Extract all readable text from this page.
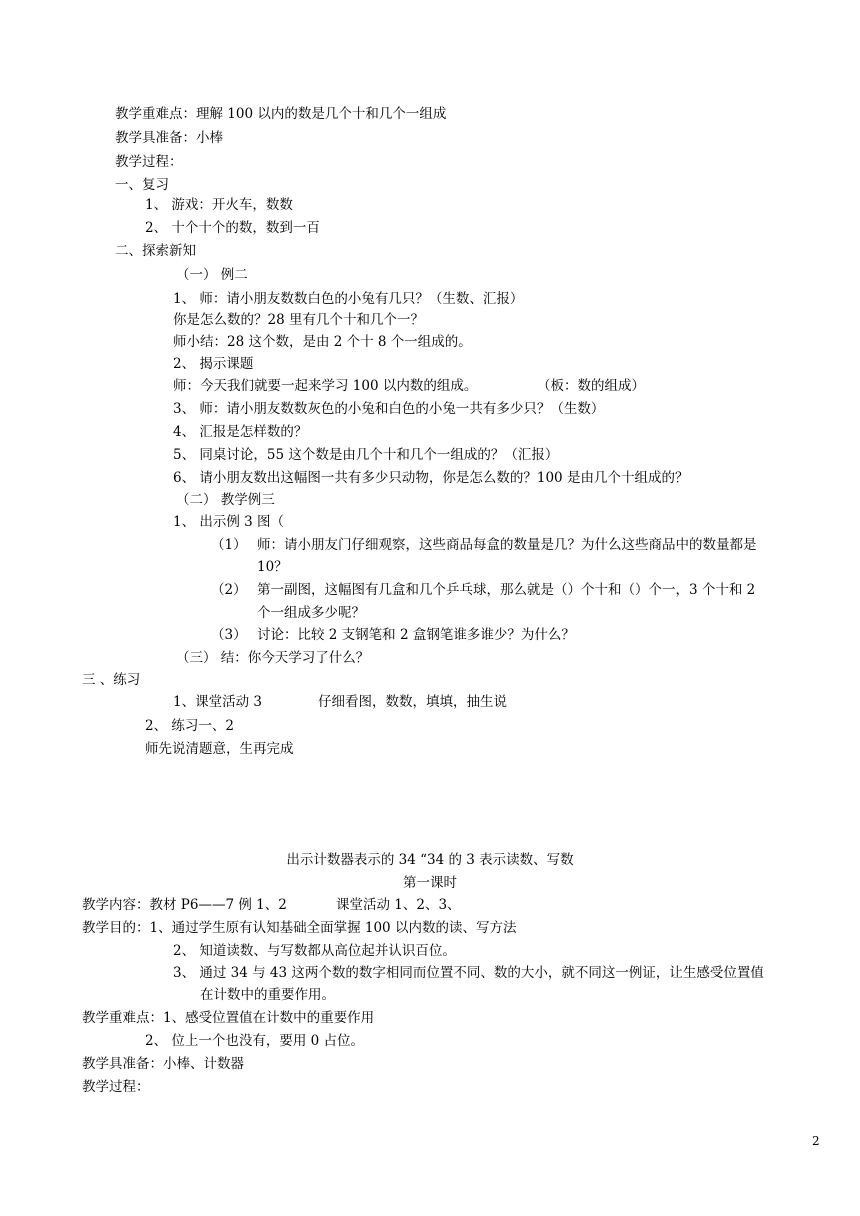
教学重难点：理解 100 以内的数是几个十和几个一组成
教学具准备：小棒
教学过程：
一、复习
1、 游戏：开火车，数数
2、 十个十个的数，数到一百
二、探索新知
（一） 例二
1、 师：请小朋友数数白色的小兔有几只？（生数、汇报）
你是怎么数的？28 里有几个十和几个一？
师小结：28 这个数，是由 2 个十 8 个一组成的。
2、 揭示课题
师：今天我们就要一起来学习 100 以内数的组成。	（板：数的组成）
3、 师：请小朋友数数灰色的小兔和白色的小兔一共有多少只？（生数）
4、 汇报是怎样数的？
5、 同桌讨论，55 这个数是由几个十和几个一组成的？（汇报）
6、 请小朋友数出这幅图一共有多少只动物，你是怎么数的？100 是由几个十组成的？
（二） 教学例三
1、 出示例 3 图（
（1） 师：请小朋友门仔细观察，这些商品每盒的数量是几？为什么这些商品中的数量都是
10？
（2） 第一副图，这幅图有几盒和几个乒乓球，那么就是（）个十和（）个一，3 个十和 2
个一组成多少呢？
（3） 讨论：比较 2 支钢笔和 2 盒钢笔谁多谁少？为什么？
（三） 结：你今天学习了什么？
三 、练习
1、课堂活动 3	仔细看图，数数，填填，抽生说
2、 练习一、2
师先说清题意，生再完成
出示计数器表示的 34 “34 的 3 表示读数、写数
第一课时
教学内容：教材 P6——7 例 1、2	课堂活动 1、2、3、
教学目的：1、通过学生原有认知基础全面掌握 100 以内数的读、写方法
2、 知道读数、与写数都从高位起并认识百位。
3、 通过 34 与 43 这两个数的数字相同而位置不同、数的大小，就不同这一例证，让生感受位置值
在计数中的重要作用。
教学重难点：1、感受位置值在计数中的重要作用
2、 位上一个也没有，要用 0 占位。
教学具准备：小棒、计数器
教学过程：
2
